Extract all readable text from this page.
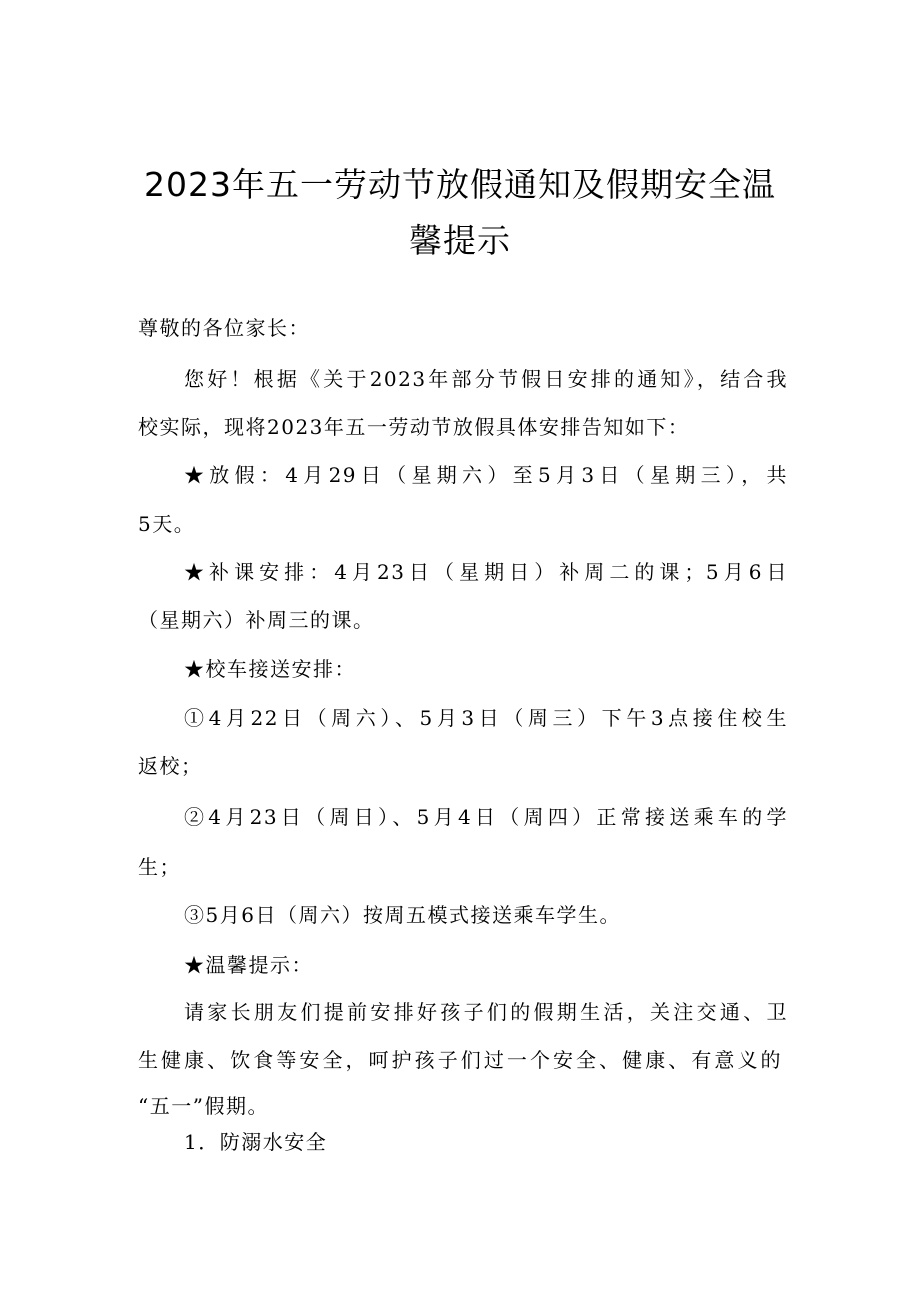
2023年五一劳动节放假通知及假期安全温
馨提示
尊敬的各位家长：
您好！根据《关于2023年部分节假日安排的通知》，结合我
校实际，现将2023年五一劳动节放假具体安排告知如下：
★放假：4月29日（星期六）至5月3日（星期三），共
5天。
★补课安排：4月23日（星期日）补周二的课；5月6日
（星期六）补周三的课。
★校车接送安排：
①4月22日（周六）、5月3日（周三）下午3点接住校生
返校；
②4月23日（周日）、5月4日（周四）正常接送乘车的学
生；
③5月6日（周六）按周五模式接送乘车学生。
★温馨提示：
请家长朋友们提前安排好孩子们的假期生活，关注交通、卫
生健康、饮食等安全，呵护孩子们过一个安全、健康、有意义的
“五一”假期。
1．防溺水安全
